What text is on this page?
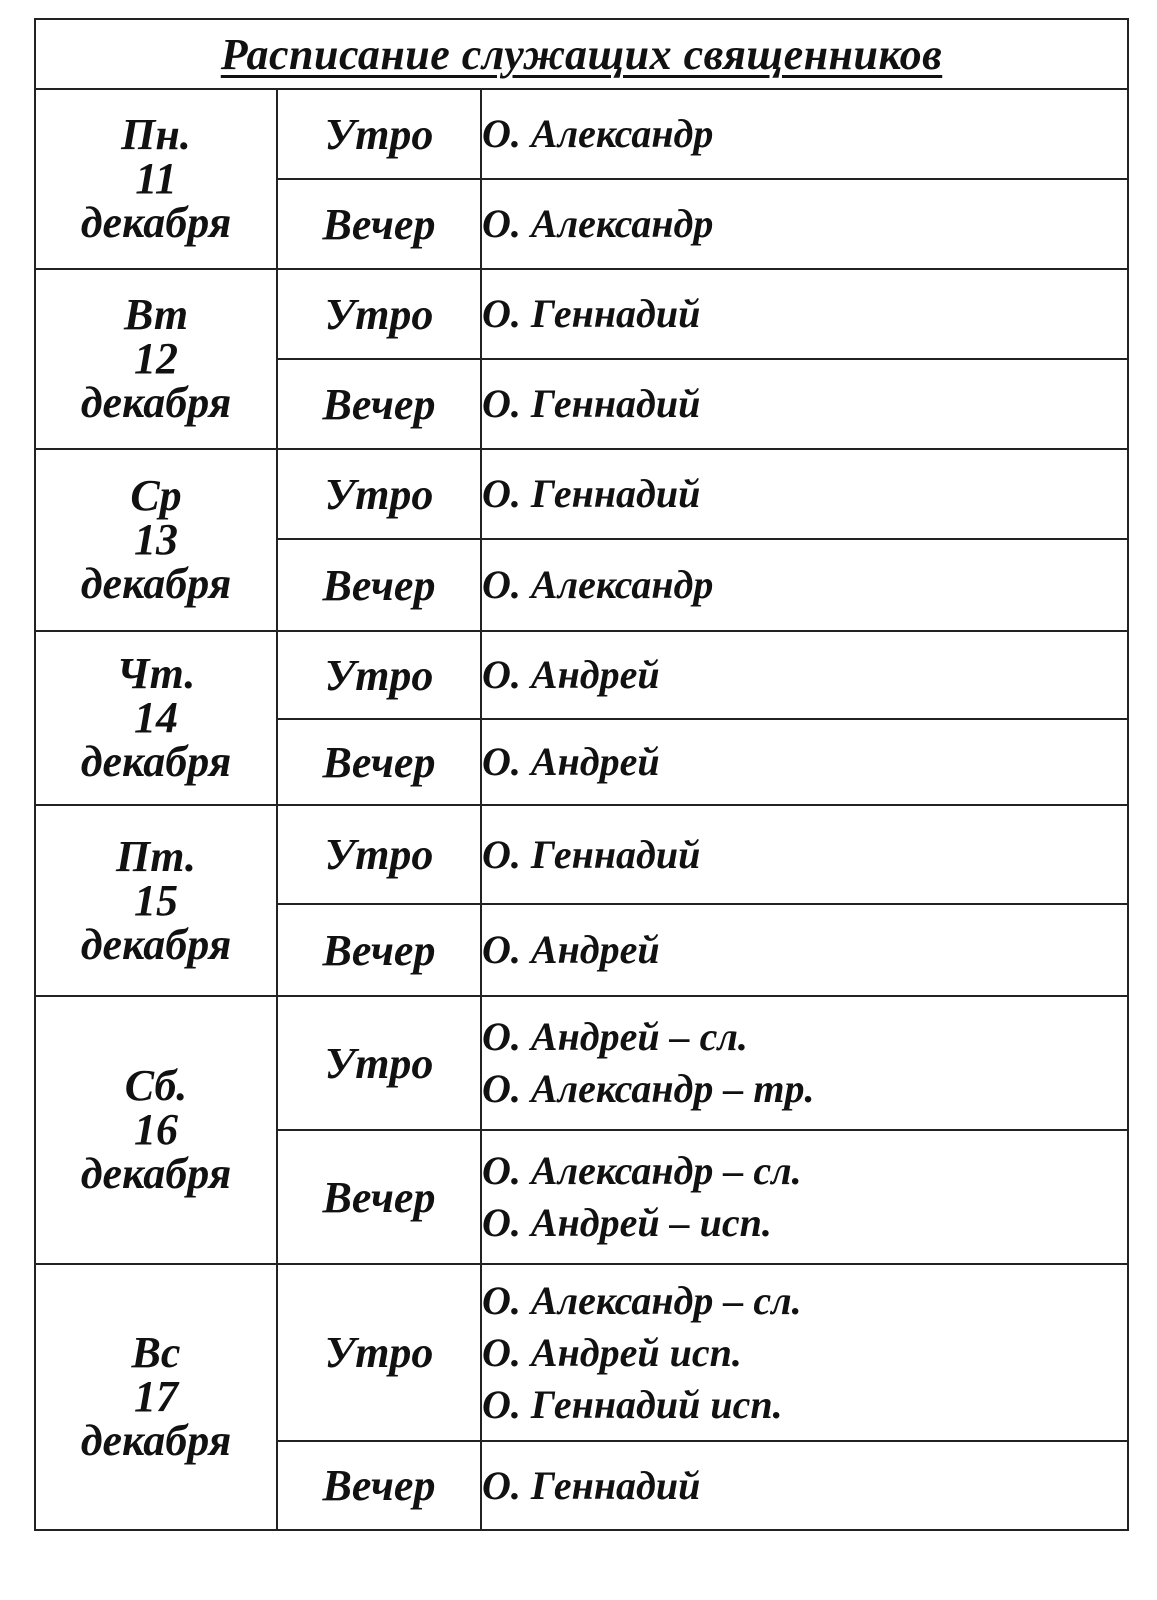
Расписание служащих священников		

Пн.
11
декабря	Утро	О. Александр

	Вечер	О. Александр

Вт
12
декабря	Утро	О. Геннадий

	Вечер	О. Геннадий

Ср
13
декабря	Утро	О. Геннадий

	Вечер	О. Александр

Чт.
14
декабря	Утро	О. Андрей

	Вечер	О. Андрей

Пт.
15
декабря	Утро	О. Геннадий

	Вечер	О. Андрей

Сб.
16
декабря	Утро	О. Андрей – сл.
О. Александр – тр.

	Вечер	О. Александр – сл.
О. Андрей – исп.

Вс
17
декабря	Утро	О. Александр – сл.
О. Андрей исп.
О. Геннадий исп.

	Вечер	О. Геннадий
